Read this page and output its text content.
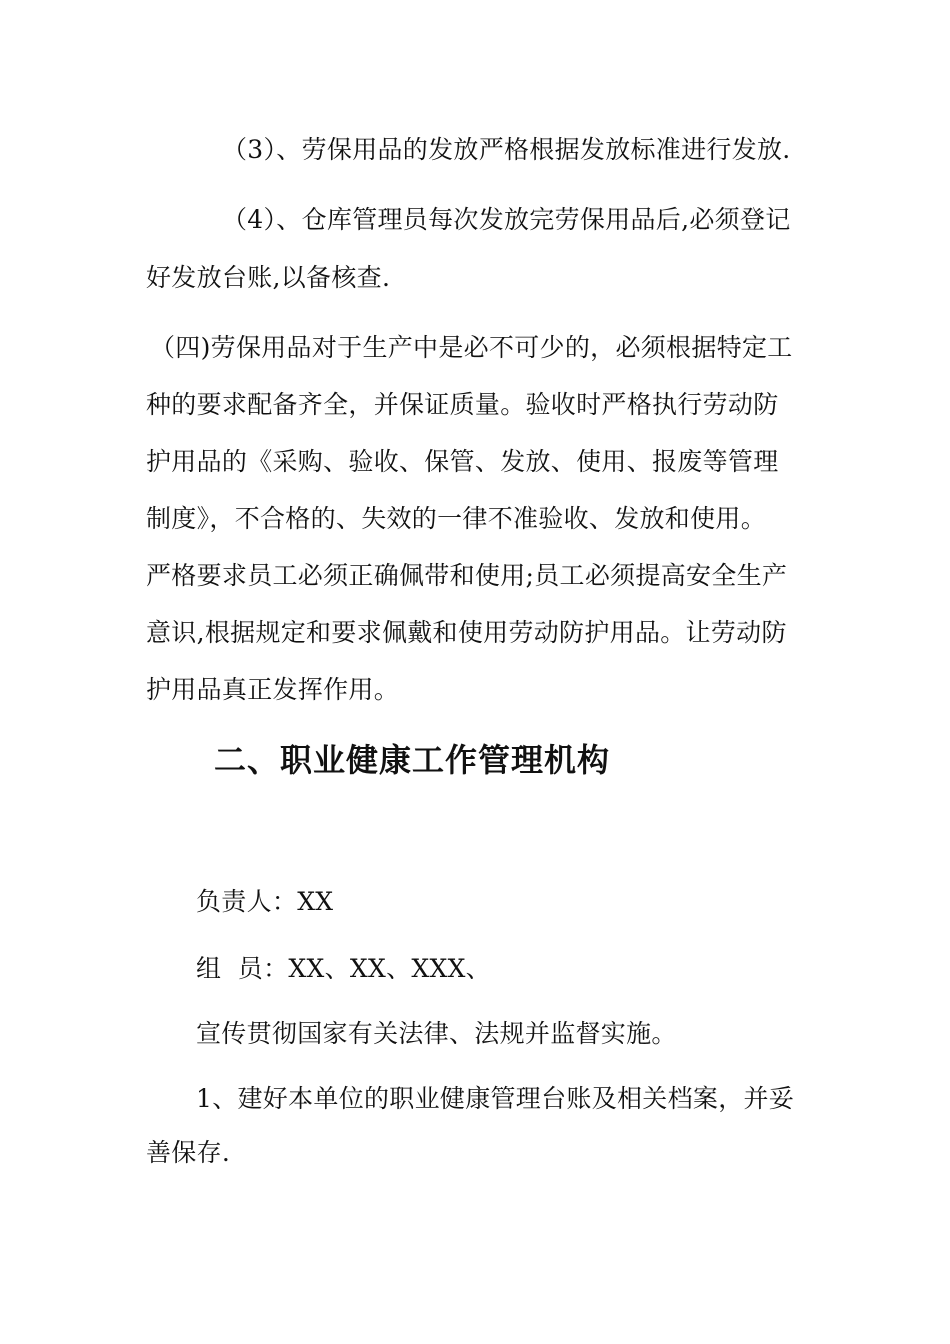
（3）、劳保用品的发放严格根据发放标准进行发放.
（4）、仓库管理员每次发放完劳保用品后,必须登记
好发放台账,以备核查.
（四)劳保用品对于生产中是必不可少的，必须根据特定工
种的要求配备齐全，并保证质量。验收时严格执行劳动防
护用品的《采购、验收、保管、发放、使用、报废等管理
制度》，不合格的、失效的一律不准验收、发放和使用。
严格要求员工必须正确佩带和使用;员工必须提高安全生产
意识,根据规定和要求佩戴和使用劳动防护用品。让劳动防
护用品真正发挥作用。
二、职业健康工作管理机构
负责人：XX
组  员：XX、XX、XXX、
宣传贯彻国家有关法律、法规并监督实施。
1、建好本单位的职业健康管理台账及相关档案，并妥
善保存.
